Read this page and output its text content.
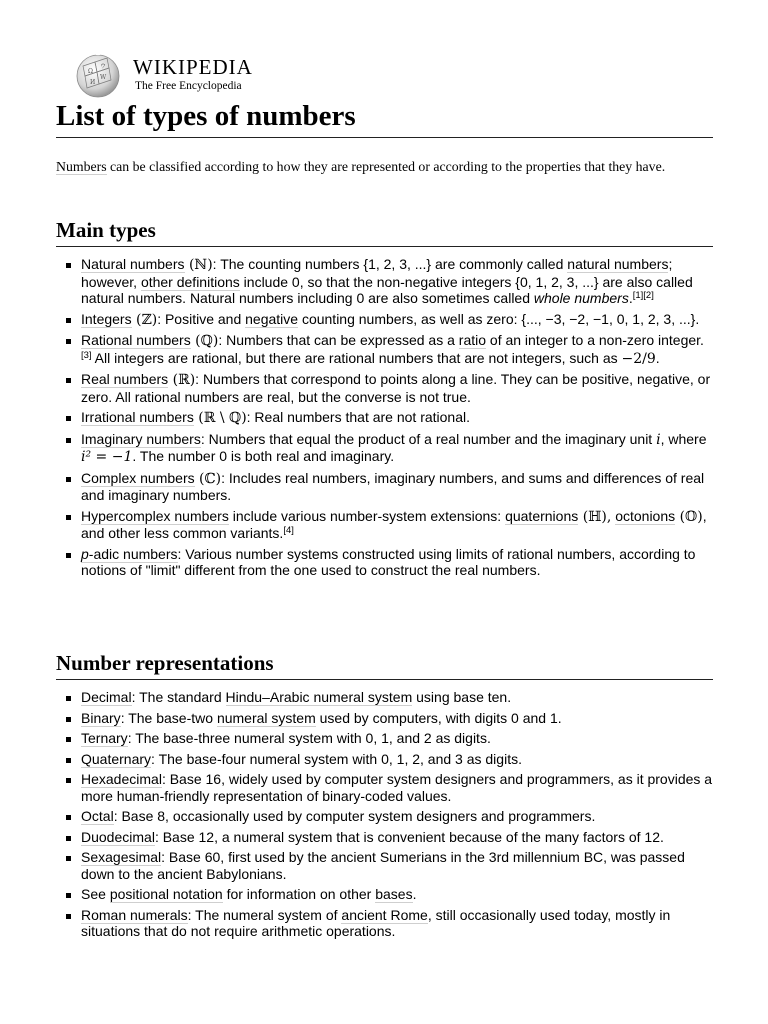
Ω
W
И
ウ WIKIPEDIA
The Free Encyclopedia
List of types of numbers

Numbers can be classified according to how they are represented or according to the properties that they have.

Main types
Natural numbers (ℕ): The counting numbers {1, 2, 3, ...} are commonly called natural numbers; however, other definitions include 0, so that the non-negative integers {0, 1, 2, 3, ...} are also called natural numbers. Natural numbers including 0 are also sometimes called whole numbers.[1][2]
Integers (ℤ): Positive and negative counting numbers, as well as zero: {..., −3, −2, −1, 0, 1, 2, 3, ...}.
Rational numbers (ℚ): Numbers that can be expressed as a ratio of an integer to a non-zero integer.[3] All integers are rational, but there are rational numbers that are not integers, such as −2/9.
Real numbers (ℝ): Numbers that correspond to points along a line. They can be positive, negative, or zero. All rational numbers are real, but the converse is not true.
Irrational numbers (ℝ \ ℚ): Real numbers that are not rational.
Imaginary numbers: Numbers that equal the product of a real number and the imaginary unit i, where i² = −1. The number 0 is both real and imaginary.
Complex numbers (ℂ): Includes real numbers, imaginary numbers, and sums and differences of real and imaginary numbers.
Hypercomplex numbers include various number-system extensions: quaternions (ℍ), octonions (𝕆), and other less common variants.[4]
p-adic numbers: Various number systems constructed using limits of rational numbers, according to notions of "limit" different from the one used to construct the real numbers.
Number representations
Decimal: The standard Hindu–Arabic numeral system using base ten.
Binary: The base-two numeral system used by computers, with digits 0 and 1.
Ternary: The base-three numeral system with 0, 1, and 2 as digits.
Quaternary: The base-four numeral system with 0, 1, 2, and 3 as digits.
Hexadecimal: Base 16, widely used by computer system designers and programmers, as it provides a more human-friendly representation of binary-coded values.
Octal: Base 8, occasionally used by computer system designers and programmers.
Duodecimal: Base 12, a numeral system that is convenient because of the many factors of 12.
Sexagesimal: Base 60, first used by the ancient Sumerians in the 3rd millennium BC, was passed down to the ancient Babylonians.
See positional notation for information on other bases.
Roman numerals: The numeral system of ancient Rome, still occasionally used today, mostly in situations that do not require arithmetic operations.
